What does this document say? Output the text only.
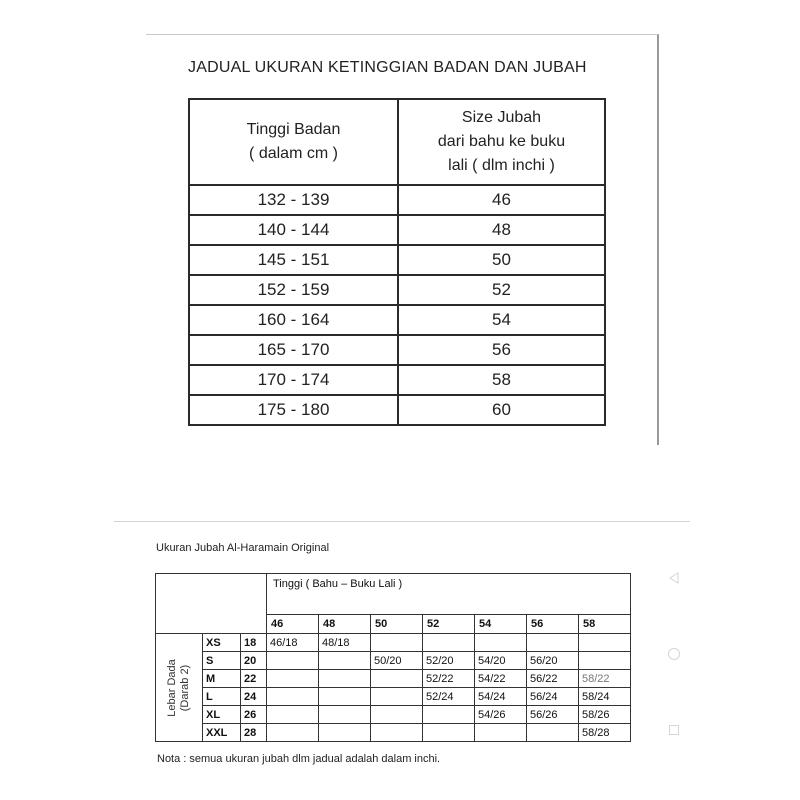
JADUAL UKURAN KETINGGIAN BADAN DAN JUBAH
Tinggi Badan
( dalam cm )	Size Jubah
dari bahu ke buku
lali ( dlm inchi )

132 - 139	46
140 - 144	48
145 - 151	50
152 - 159	52
160 - 164	54
165 - 170	56
170 - 174	58
175 - 180	60

Ukuran Jubah Al-Haramain Original

			Tinggi ( Bahu – Buku Lali )						
			46	48	50	52	54	56	58

Lebar Dada (Darab 2)	XS	18	46/18	48/18					
	S	20			50/20	52/20	54/20	56/20	
	M	22				52/22	54/22	56/22	58/22
	L	24				52/24	54/24	56/24	58/24
	XL	26					54/26	56/26	58/26
	XXL	28							58/28

Nota : semua ukuran jubah dlm jadual adalah dalam inchi.
